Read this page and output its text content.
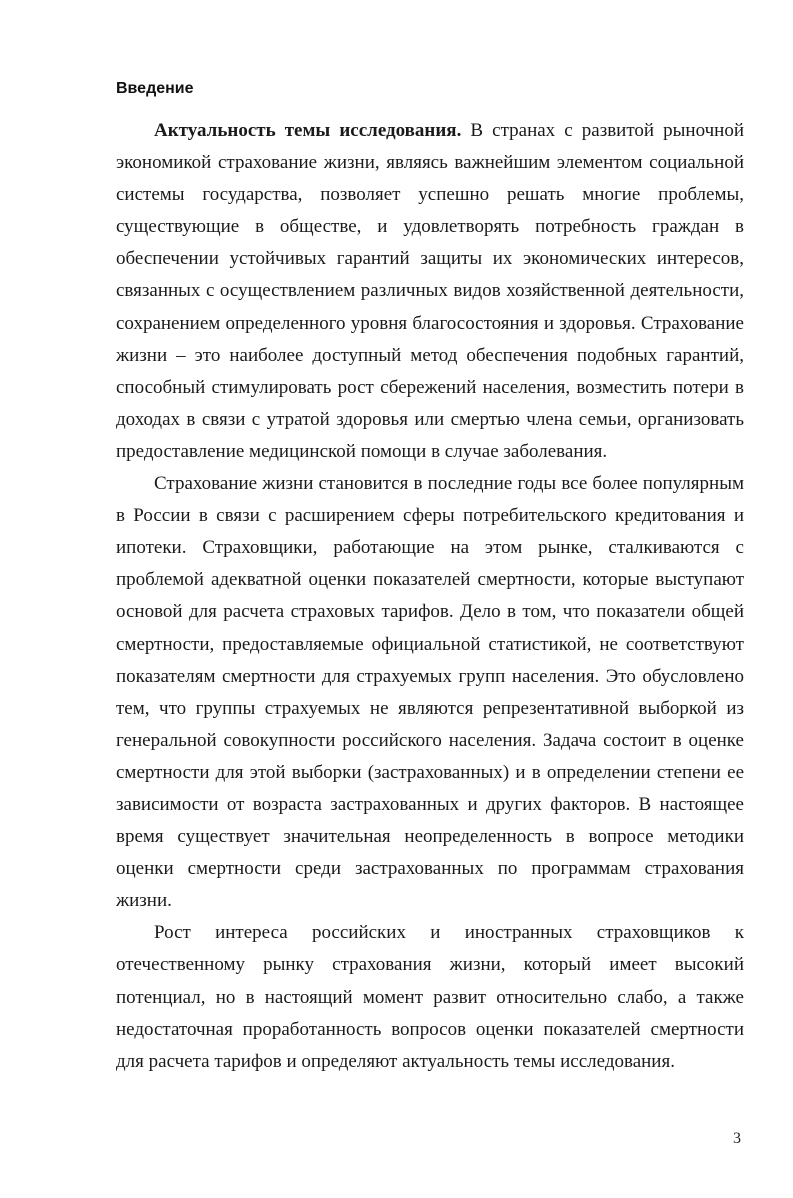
Введение

Актуальность темы исследования. В странах с развитой рыночной экономикой страхование жизни, являясь важнейшим элементом социальной системы государства, позволяет успешно решать многие проблемы, существующие в обществе, и удовлетворять потребность граждан в обеспечении устойчивых гарантий защиты их экономических интересов, связанных с осуществлением различных видов хозяйственной деятельности, сохранением определенного уровня благосостояния и здоровья. Страхование жизни – это наиболее доступный метод обеспечения подобных гарантий, способный стимулировать рост сбережений населения, возместить потери в доходах в связи с утратой здоровья или смертью члена семьи, организовать предоставление медицинской помощи в случае заболевания.

Страхование жизни становится в последние годы все более популярным в России в связи с расширением сферы потребительского кредитования и ипотеки. Страховщики, работающие на этом рынке, сталкиваются с проблемой адекватной оценки показателей смертности, которые выступают основой для расчета страховых тарифов. Дело в том, что показатели общей смертности, предоставляемые официальной статистикой, не соответствуют показателям смертности для страхуемых групп населения. Это обусловлено тем, что группы страхуемых не являются репрезентативной выборкой из генеральной совокупности российского населения. Задача состоит в оценке смертности для этой выборки (застрахованных) и в определении степени ее зависимости от возраста застрахованных и других факторов. В настоящее время существует значительная неопределенность в вопросе методики оценки смертности среди застрахованных по программам страхования жизни.

Рост интереса российских и иностранных страховщиков к отечественному рынку страхования жизни, который имеет высокий потенциал, но в настоящий момент развит относительно слабо, а также недостаточная проработанность вопросов оценки показателей смертности для расчета тарифов и определяют актуальность темы исследования.

3
